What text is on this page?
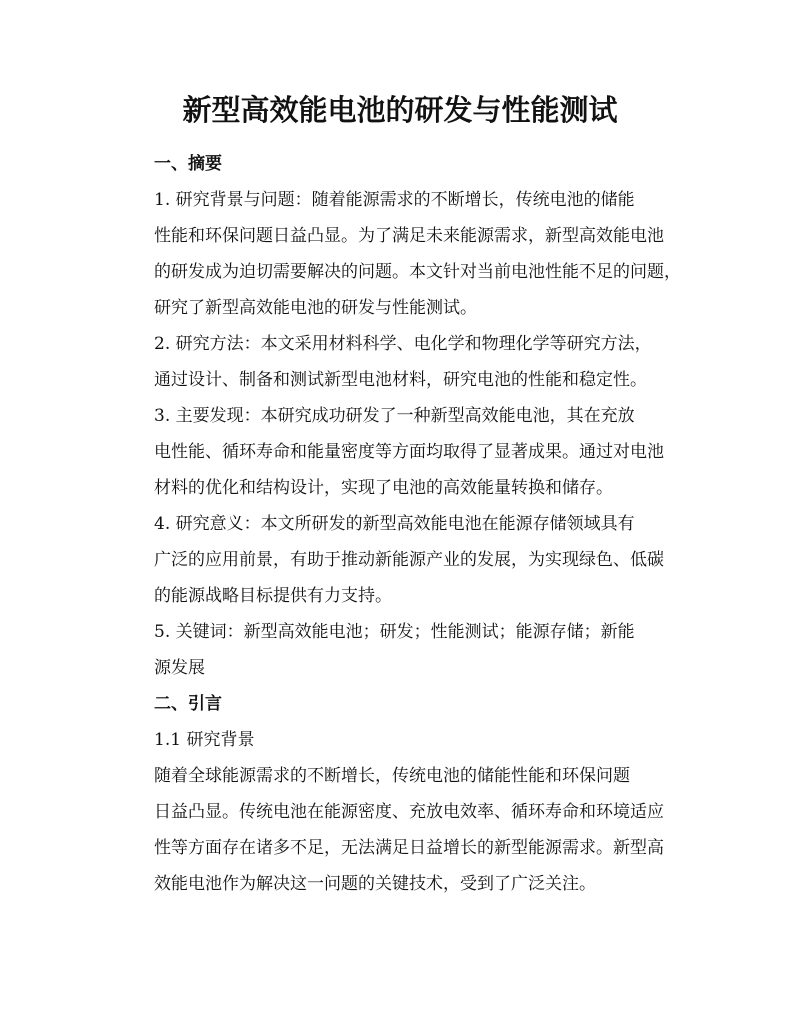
新型高效能电池的研发与性能测试
一、摘要

1. 研究背景与问题：随着能源需求的不断增长，传统电池的储能
性能和环保问题日益凸显。为了满足未来能源需求，新型高效能电池
的研发成为迫切需要解决的问题。本文针对当前电池性能不足的问题，
研究了新型高效能电池的研发与性能测试。

2. 研究方法：本文采用材料科学、电化学和物理化学等研究方法，
通过设计、制备和测试新型电池材料，研究电池的性能和稳定性。

3. 主要发现：本研究成功研发了一种新型高效能电池，其在充放
电性能、循环寿命和能量密度等方面均取得了显著成果。通过对电池
材料的优化和结构设计，实现了电池的高效能量转换和储存。

4. 研究意义：本文所研发的新型高效能电池在能源存储领域具有
广泛的应用前景，有助于推动新能源产业的发展，为实现绿色、低碳
的能源战略目标提供有力支持。

5. 关键词：新型高效能电池；研发；性能测试；能源存储；新能
源发展

二、引言

1.1 研究背景

随着全球能源需求的不断增长，传统电池的储能性能和环保问题
日益凸显。传统电池在能源密度、充放电效率、循环寿命和环境适应
性等方面存在诸多不足，无法满足日益增长的新型能源需求。新型高
效能电池作为解决这一问题的关键技术，受到了广泛关注。
